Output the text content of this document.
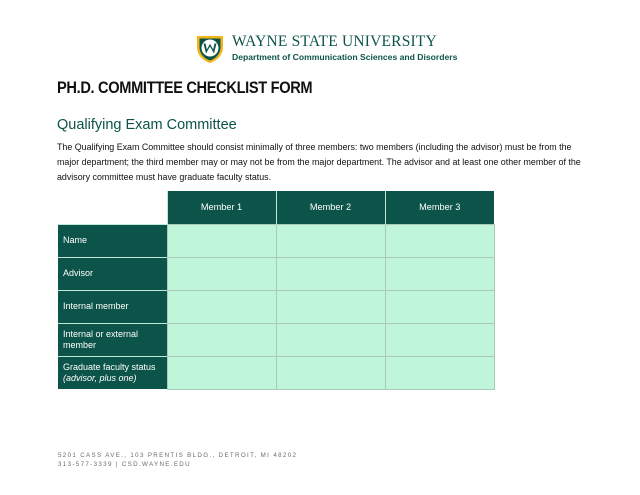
WAYNE STATE UNIVERSITY
Department of Communication Sciences and Disorders
PH.D. COMMITTEE CHECKLIST FORM
Qualifying Exam Committee

The Qualifying Exam Committee should consist minimally of three members: two members (including the advisor) must be from the major department; the third member may or may not be from the major department. The advisor and at least one other member of the advisory committee must have graduate faculty status.

	Member 1	Member 2	Member 3
Name			
Advisor			
Internal member			
Internal or external member			
Graduate faculty status
(advisor, plus one)			

5201 CASS AVE., 103 PRENTIS BLDG., DETROIT, MI 48202
313-577-3339 | CSD.WAYNE.EDU
